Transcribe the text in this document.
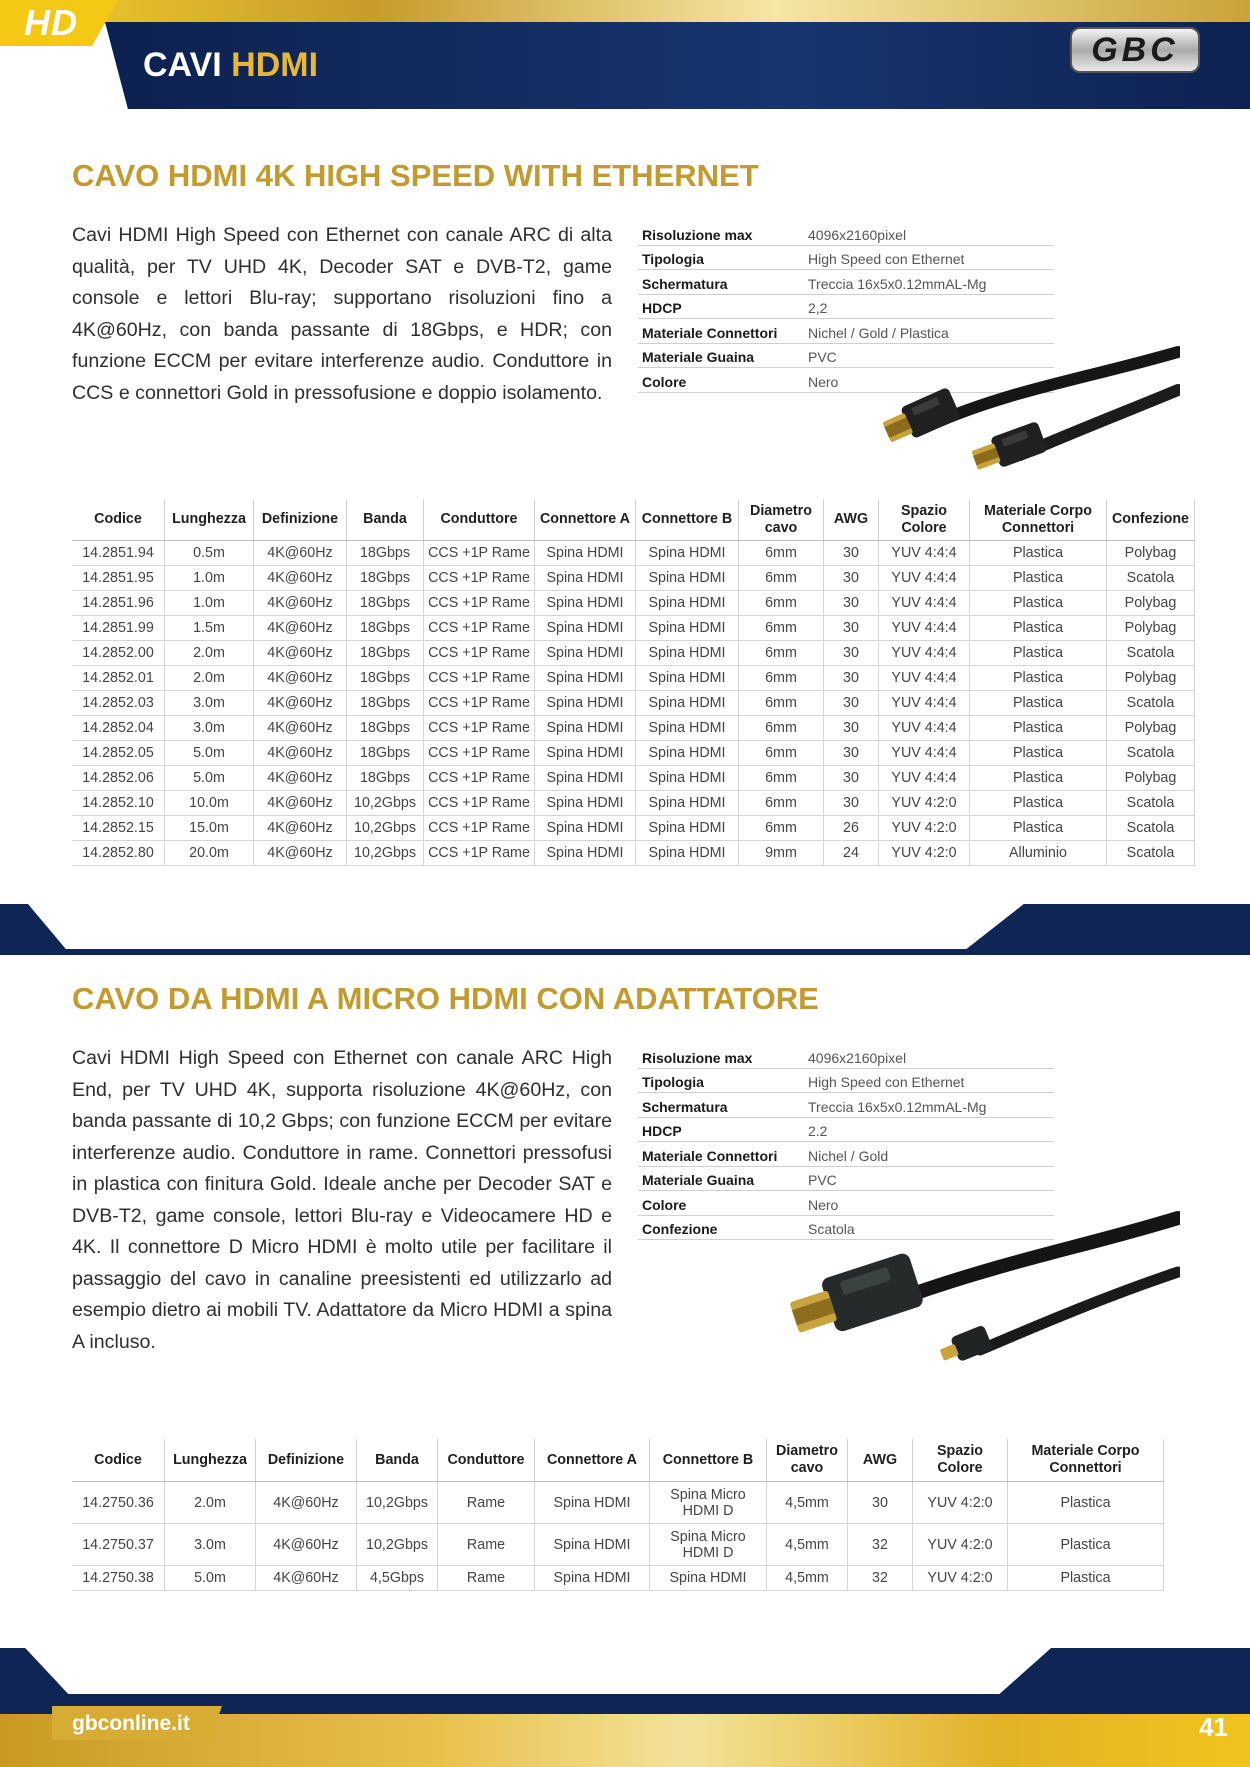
HD
CAVI HDMI	GBC
CAVO HDMI 4K HIGH SPEED WITH ETHERNET

Cavi HDMI High Speed con Ethernet con canale ARC di alta qualità, per TV UHD 4K, Decoder SAT e DVB-T2, game console e lettori Blu-ray; supportano risoluzioni fino a 4K@60Hz, con banda passante di 18Gbps, e HDR; con funzione ECCM per evitare interferenze audio. Conduttore in CCS e connettori Gold in pressofusione e doppio isolamento.

Risoluzione max	4096x2160pixel
Tipologia	High Speed con Ethernet
Schermatura	Treccia 16x5x0.12mmAL-Mg
HDCP	2,2
Materiale Connettori	Nichel / Gold / Plastica
Materiale Guaina	PVC
Colore	Nero
Codice	Lunghezza	Definizione	Banda	Conduttore	Connettore A	Connettore B	Diametro cavo	AWG	Spazio Colore	Materiale Corpo Connettori	Confezione
14.2851.94	0.5m	4K@60Hz	18Gbps	CCS +1P Rame	Spina HDMI	Spina HDMI	6mm	30	YUV 4:4:4	Plastica	Polybag
14.2851.95	1.0m	4K@60Hz	18Gbps	CCS +1P Rame	Spina HDMI	Spina HDMI	6mm	30	YUV 4:4:4	Plastica	Scatola
14.2851.96	1.0m	4K@60Hz	18Gbps	CCS +1P Rame	Spina HDMI	Spina HDMI	6mm	30	YUV 4:4:4	Plastica	Polybag
14.2851.99	1.5m	4K@60Hz	18Gbps	CCS +1P Rame	Spina HDMI	Spina HDMI	6mm	30	YUV 4:4:4	Plastica	Polybag
14.2852.00	2.0m	4K@60Hz	18Gbps	CCS +1P Rame	Spina HDMI	Spina HDMI	6mm	30	YUV 4:4:4	Plastica	Scatola
14.2852.01	2.0m	4K@60Hz	18Gbps	CCS +1P Rame	Spina HDMI	Spina HDMI	6mm	30	YUV 4:4:4	Plastica	Polybag
14.2852.03	3.0m	4K@60Hz	18Gbps	CCS +1P Rame	Spina HDMI	Spina HDMI	6mm	30	YUV 4:4:4	Plastica	Scatola
14.2852.04	3.0m	4K@60Hz	18Gbps	CCS +1P Rame	Spina HDMI	Spina HDMI	6mm	30	YUV 4:4:4	Plastica	Polybag
14.2852.05	5.0m	4K@60Hz	18Gbps	CCS +1P Rame	Spina HDMI	Spina HDMI	6mm	30	YUV 4:4:4	Plastica	Scatola
14.2852.06	5.0m	4K@60Hz	18Gbps	CCS +1P Rame	Spina HDMI	Spina HDMI	6mm	30	YUV 4:4:4	Plastica	Polybag
14.2852.10	10.0m	4K@60Hz	10,2Gbps	CCS +1P Rame	Spina HDMI	Spina HDMI	6mm	30	YUV 4:2:0	Plastica	Scatola
14.2852.15	15.0m	4K@60Hz	10,2Gbps	CCS +1P Rame	Spina HDMI	Spina HDMI	6mm	26	YUV 4:2:0	Plastica	Scatola
14.2852.80	20.0m	4K@60Hz	10,2Gbps	CCS +1P Rame	Spina HDMI	Spina HDMI	9mm	24	YUV 4:2:0	Alluminio	Scatola
CAVO DA HDMI A MICRO HDMI CON ADATTATORE

Cavi HDMI High Speed con Ethernet con canale ARC High End, per TV UHD 4K, supporta risoluzione 4K@60Hz, con banda passante di 10,2 Gbps; con funzione ECCM per evitare interferenze audio. Conduttore in rame. Connettori pressofusi in plastica con finitura Gold. Ideale anche per Decoder SAT e DVB-T2, game console, lettori Blu-ray e Videocamere HD e 4K. Il connettore D Micro HDMI è molto utile per facilitare il passaggio del cavo in canaline preesistenti ed utilizzarlo ad esempio dietro ai mobili TV. Adattatore da Micro HDMI a spina A incluso.

Risoluzione max	4096x2160pixel
Tipologia	High Speed con Ethernet
Schermatura	Treccia 16x5x0.12mmAL-Mg
HDCP	2.2
Materiale Connettori	Nichel / Gold
Materiale Guaina	PVC
Colore	Nero
Confezione	Scatola
Codice	Lunghezza	Definizione	Banda	Conduttore	Connettore A	Connettore B	Diametro cavo	AWG	Spazio Colore	Materiale Corpo Connettori
14.2750.36	2.0m	4K@60Hz	10,2Gbps	Rame	Spina HDMI	Spina Micro HDMI D	4,5mm	30	YUV 4:2:0	Plastica
14.2750.37	3.0m	4K@60Hz	10,2Gbps	Rame	Spina HDMI	Spina Micro HDMI D	4,5mm	32	YUV 4:2:0	Plastica
14.2750.38	5.0m	4K@60Hz	4,5Gbps	Rame	Spina HDMI	Spina HDMI	4,5mm	32	YUV 4:2:0	Plastica
gbconline.it	41
